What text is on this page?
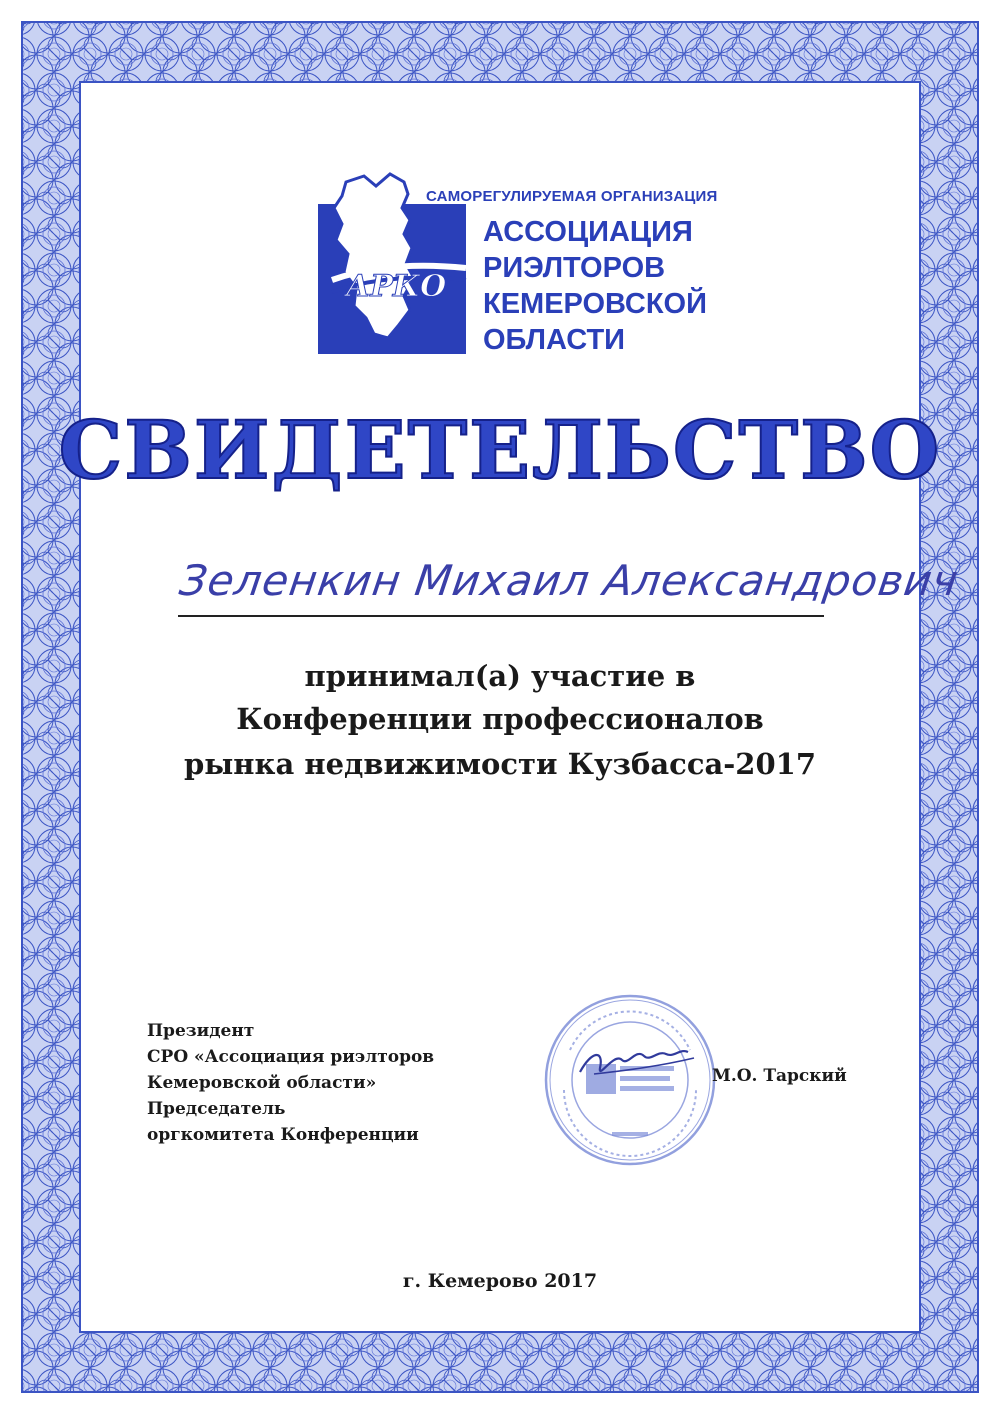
АРКО
САМОРЕГУЛИРУЕМАЯ ОРГАНИЗАЦИЯ
АССОЦИАЦИЯ
РИЭЛТОРОВ
КЕМЕРОВСКОЙ
ОБЛАСТИ
СВИДЕТЕЛЬСТВО
Зеленкин Михаил Александрович
принимал(а) участие в
Конференции профессионалов
рынка недвижимости Кузбасса-2017
Президент
СРО «Ассоциация риэлторов
Кемеровской области»
Председатель
оргкомитета Конференции
М.О. Тарский
г. Кемерово 2017
